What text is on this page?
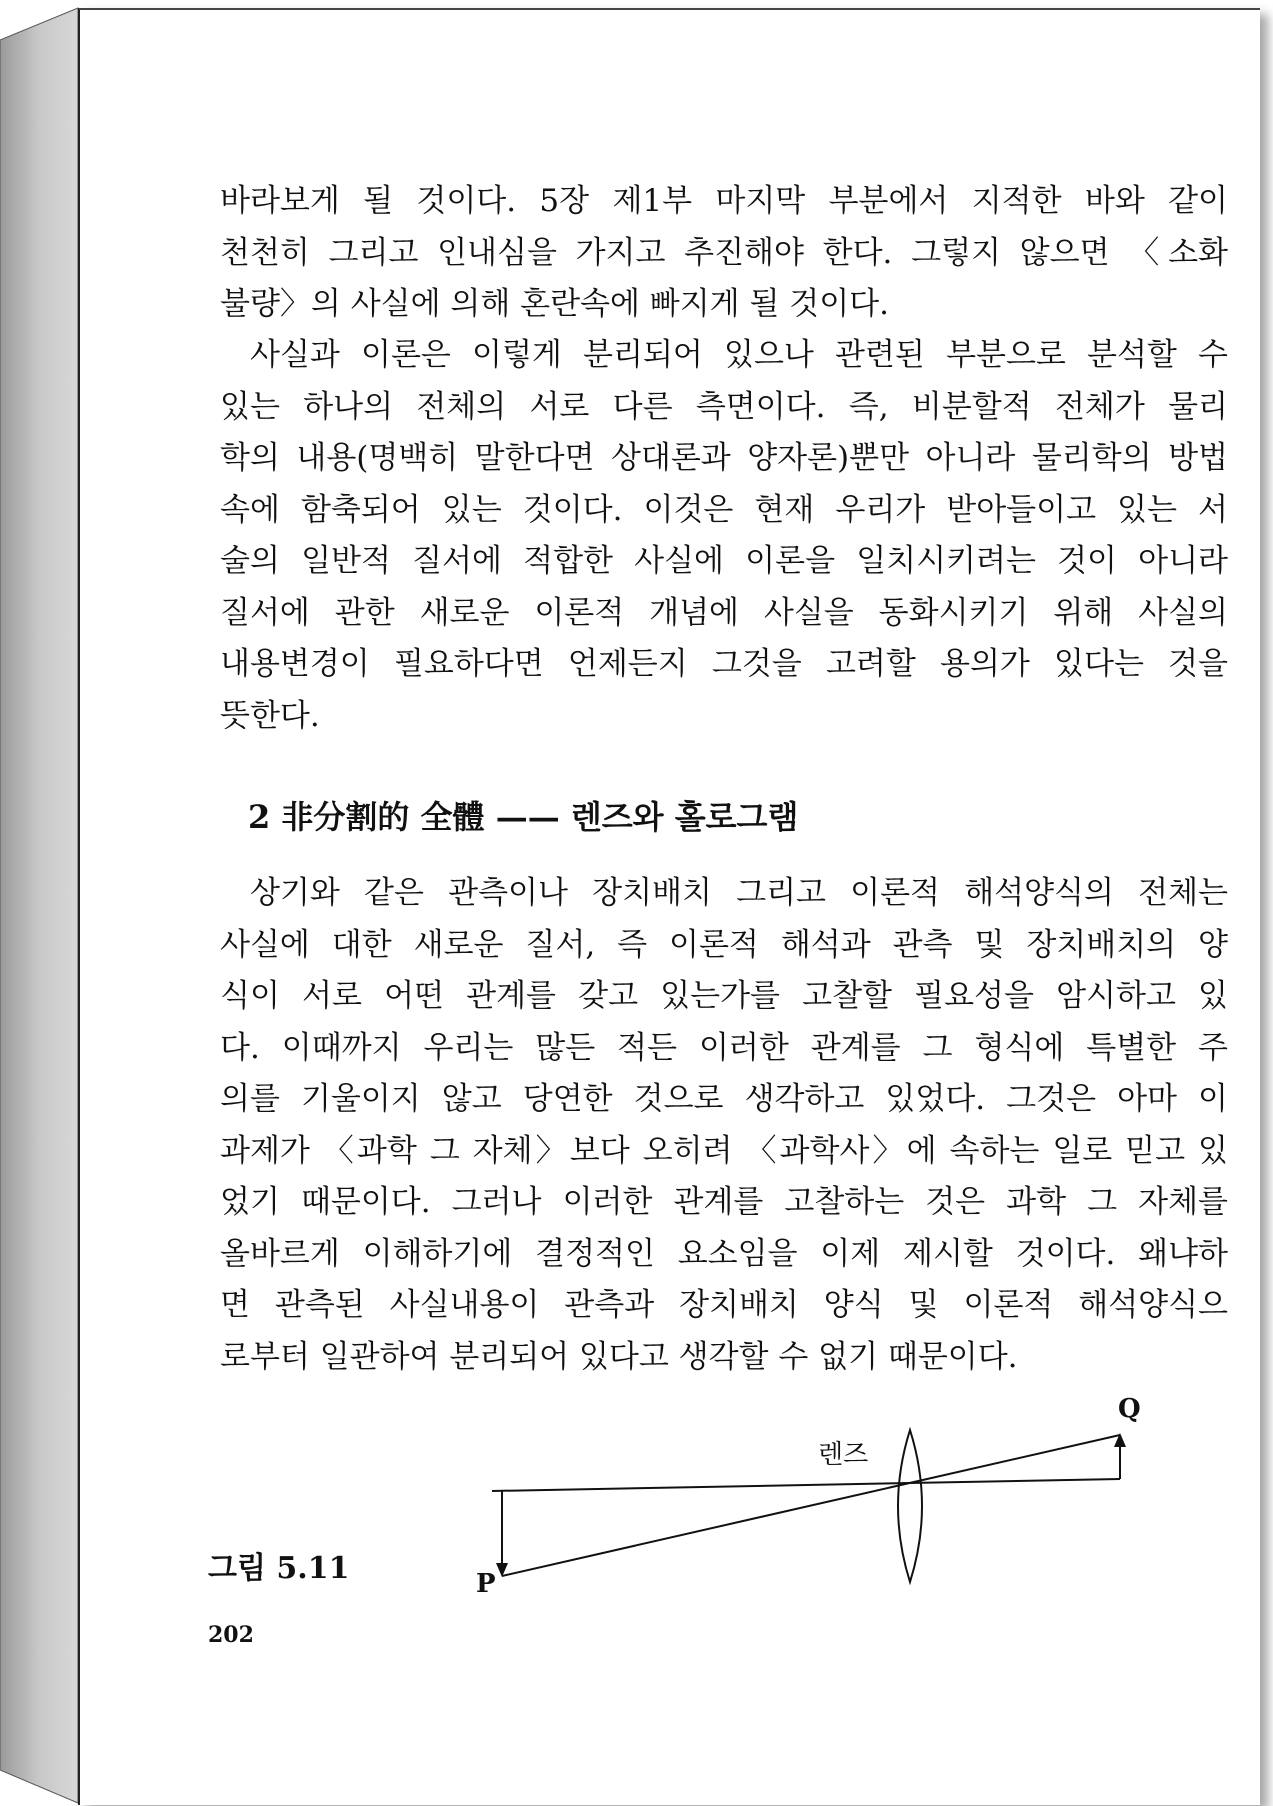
바라보게 될 것이다. 5장 제1부 마지막 부분에서 지적한 바와 같이
천천히 그리고 인내심을 가지고 추진해야 한다. 그렇지 않으면 〈소화
불량〉의 사실에 의해 혼란속에 빠지게 될 것이다.
사실과 이론은 이렇게 분리되어 있으나 관련된 부분으로 분석할 수
있는 하나의 전체의 서로 다른 측면이다. 즉, 비분할적 전체가 물리
학의 내용(명백히 말한다면 상대론과 양자론)뿐만 아니라 물리학의 방법
속에 함축되어 있는 것이다. 이것은 현재 우리가 받아들이고 있는 서
술의 일반적 질서에 적합한 사실에 이론을 일치시키려는 것이 아니라
질서에 관한 새로운 이론적 개념에 사실을 동화시키기 위해 사실의
내용변경이 필요하다면 언제든지 그것을 고려할 용의가 있다는 것을
뜻한다.
2 非分割的 全體 —— 렌즈와 홀로그램
상기와 같은 관측이나 장치배치 그리고 이론적 해석양식의 전체는
사실에 대한 새로운 질서, 즉 이론적 해석과 관측 및 장치배치의 양
식이 서로 어떤 관계를 갖고 있는가를 고찰할 필요성을 암시하고 있
다. 이때까지 우리는 많든 적든 이러한 관계를 그 형식에 특별한 주
의를 기울이지 않고 당연한 것으로 생각하고 있었다. 그것은 아마 이
과제가 〈과학 그 자체〉보다 오히려 〈과학사〉에 속하는 일로 믿고 있
었기 때문이다. 그러나 이러한 관계를 고찰하는 것은 과학 그 자체를
올바르게 이해하기에 결정적인 요소임을 이제 제시할 것이다. 왜냐하
면 관측된 사실내용이 관측과 장치배치 양식 및 이론적 해석양식으
로부터 일관하여 분리되어 있다고 생각할 수 없기 때문이다.
Q
렌즈
P
그림 5.11
202
